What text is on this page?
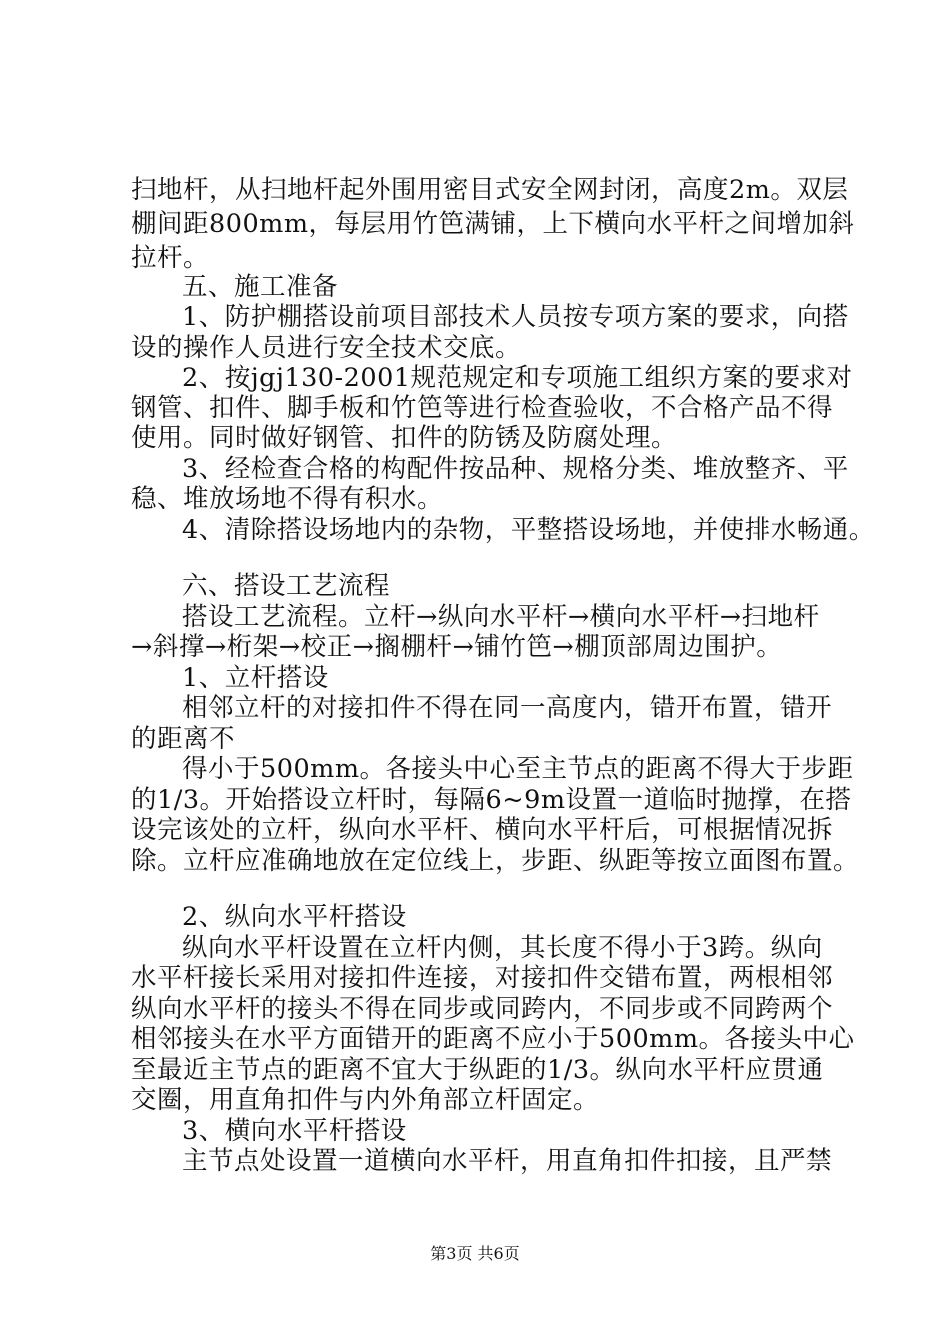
扫地杆，从扫地杆起外围用密目式安全网封闭，高度2m。双层
棚间距800mm，每层用竹笆满铺，上下横向水平杆之间增加斜
拉杆。
五、施工准备
1、防护棚搭设前项目部技术人员按专项方案的要求，向搭
设的操作人员进行安全技术交底。
2、按jgj130-2001规范规定和专项施工组织方案的要求对
钢管、扣件、脚手板和竹笆等进行检查验收，不合格产品不得
使用。同时做好钢管、扣件的防锈及防腐处理。
3、经检查合格的构配件按品种、规格分类、堆放整齐、平
稳、堆放场地不得有积水。
4、清除搭设场地内的杂物，平整搭设场地，并使排水畅通。
六、搭设工艺流程
搭设工艺流程。立杆→纵向水平杆→横向水平杆→扫地杆
→斜撑→桁架→校正→搁棚杆→铺竹笆→棚顶部周边围护。
1、立杆搭设
相邻立杆的对接扣件不得在同一高度内，错开布置，错开
的距离不
得小于500mm。各接头中心至主节点的距离不得大于步距
的1/3。开始搭设立杆时，每隔6~9m设置一道临时抛撑，在搭
设完该处的立杆，纵向水平杆、横向水平杆后，可根据情况拆
除。立杆应准确地放在定位线上，步距、纵距等按立面图布置。
2、纵向水平杆搭设
纵向水平杆设置在立杆内侧，其长度不得小于3跨。纵向
水平杆接长采用对接扣件连接，对接扣件交错布置，两根相邻
纵向水平杆的接头不得在同步或同跨内，不同步或不同跨两个
相邻接头在水平方面错开的距离不应小于500mm。各接头中心
至最近主节点的距离不宜大于纵距的1/3。纵向水平杆应贯通
交圈，用直角扣件与内外角部立杆固定。
3、横向水平杆搭设
主节点处设置一道横向水平杆，用直角扣件扣接，且严禁
第3页 共6页
